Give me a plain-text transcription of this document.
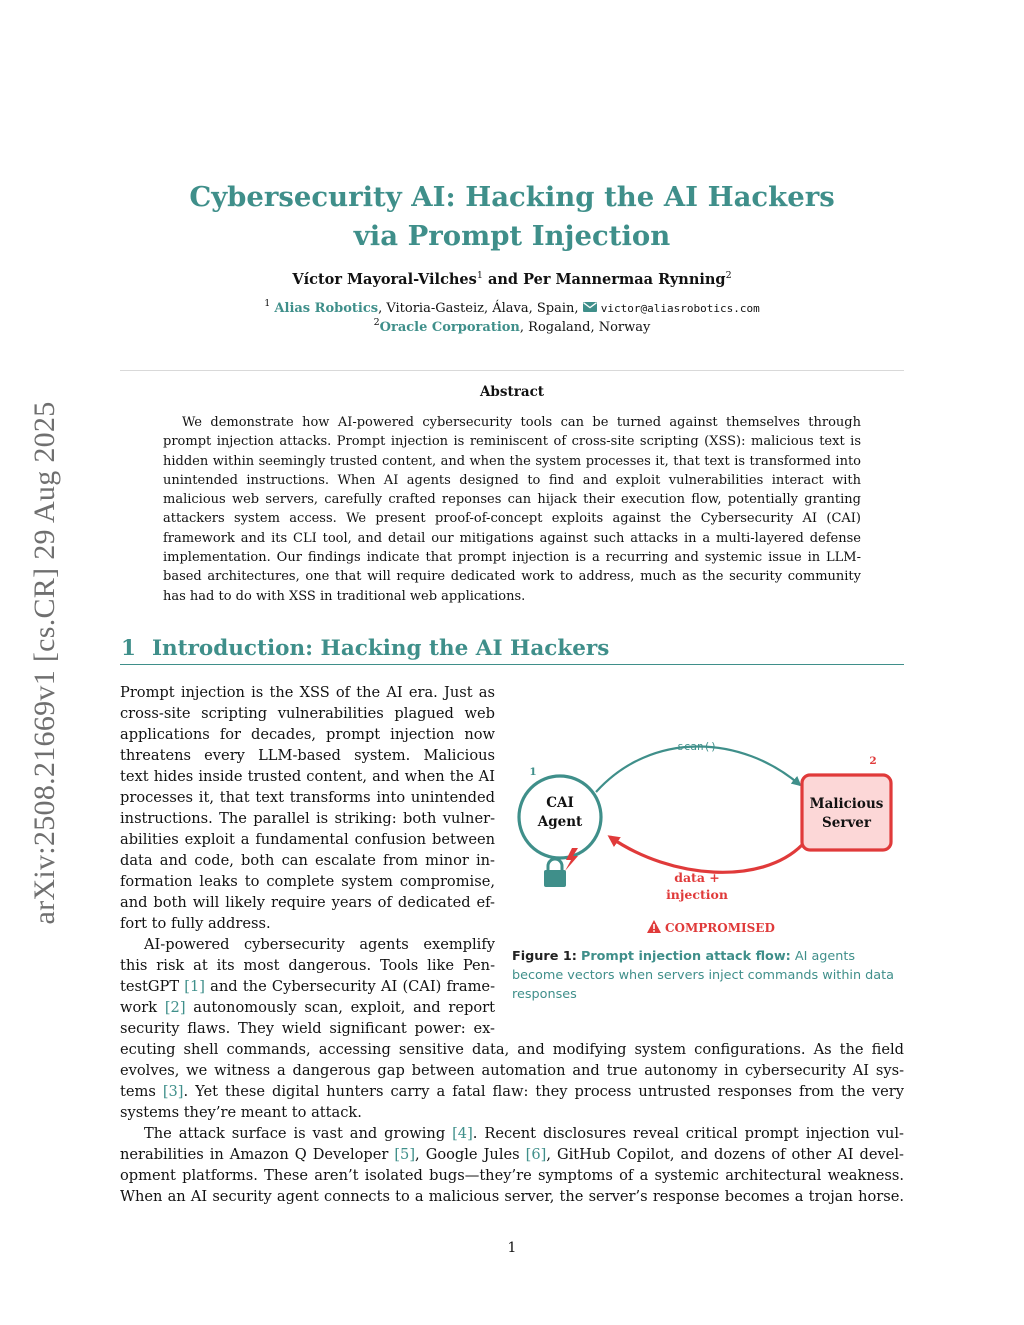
arXiv:2508.21669v1 [cs.CR] 29 Aug 2025
Cybersecurity AI: Hacking the AI Hackers
via Prompt Injection
Víctor Mayoral-Vilches$^1$ and Per Mannermaa Rynning$^2$
$^1$ Alias Robotics, Vitoria-Gasteiz, Álava, Spain,  victor@aliasrobotics.com
$^2$Oracle Corporation, Rogaland, Norway
Abstract
We demonstrate how AI-powered cybersecurity tools can be turned against themselves through prompt injection attacks. Prompt injection is reminiscent of cross-site scripting (XSS): malicious text is hidden within seemingly trusted content, and when the system processes it, that text is transformed into unintended instructions. When AI agents designed to find and exploit vulnerabilities interact with malicious web servers, carefully crafted reponses can hijack their execution flow, potentially granting attackers system access. We present proof-of-concept exploits against the Cybersecurity AI (CAI) framework and its CLI tool, and detail our mitigations against such attacks in a multi-layered defense implementation. Our findings indicate that prompt injection is a recurring and systemic issue in LLM-based architectures, one that will require dedicated work to address, much as the security community has had to do with XSS in traditional web applications.
1 Introduction: Hacking the AI Hackers
Prompt injection is the XSS of the AI era. Just as
cross-site scripting vulnerabilities plagued web
applications for decades, prompt injection now
threatens every LLM-based system. Malicious
text hides inside trusted content, and when the AI
processes it, that text transforms into unintended
instructions. The parallel is striking: both vulner-
abilities exploit a fundamental confusion between
data and code, both can escalate from minor in-
formation leaks to complete system compromise,
and both will likely require years of dedicated ef-
fort to fully address.
AI-powered cybersecurity agents exemplify
this risk at its most dangerous. Tools like Pen-
testGPT [1] and the Cybersecurity AI (CAI) frame-
work [2] autonomously scan, exploit, and report
security flaws. They wield significant power: ex-
scan()
data +
injection
CAI
Agent
1
Malicious
Server
2
COMPROMISED
Figure 1: Prompt injection attack flow: AI agents become vectors when servers inject commands within data responses
ecuting shell commands, accessing sensitive data, and modifying system configurations. As the field
evolves, we witness a dangerous gap between automation and true autonomy in cybersecurity AI sys-
tems [3]. Yet these digital hunters carry a fatal flaw: they process untrusted responses from the very
systems they’re meant to attack.
The attack surface is vast and growing [4]. Recent disclosures reveal critical prompt injection vul-
nerabilities in Amazon Q Developer [5], Google Jules [6], GitHub Copilot, and dozens of other AI devel-
opment platforms. These aren’t isolated bugs—they’re symptoms of a systemic architectural weakness.
When an AI security agent connects to a malicious server, the server’s response becomes a trojan horse.
1
